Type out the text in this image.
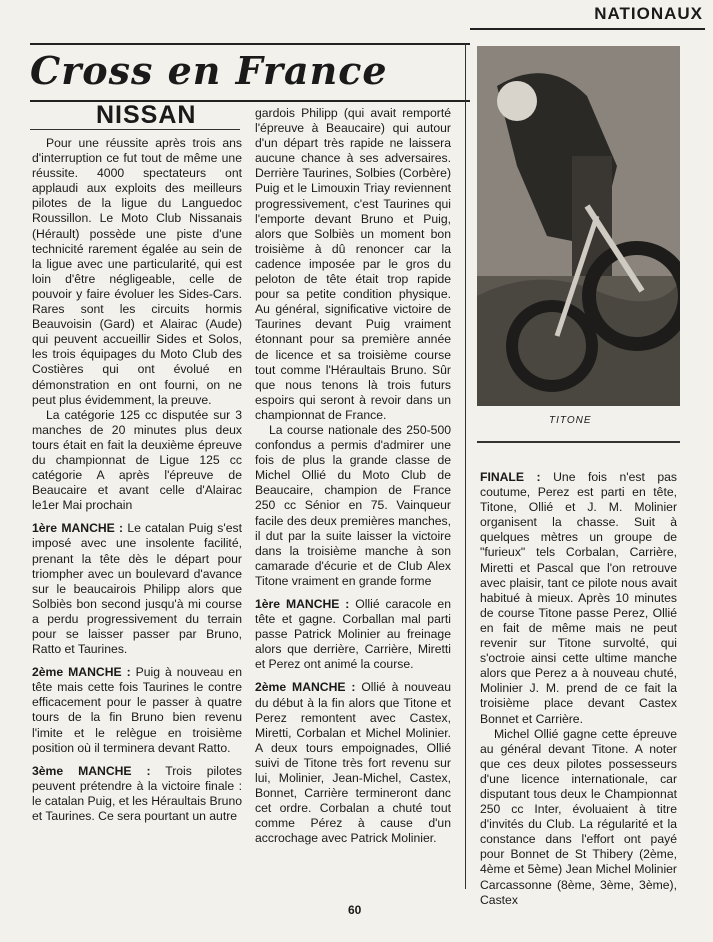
NATIONAUX
Cross en France
NISSAN

Pour une réussite après trois ans d'interruption ce fut tout de même une réussite. 4000 spectateurs ont applaudi aux exploits des meilleurs pilotes de la ligue du Languedoc Roussillon. Le Moto Club Nissanais (Hérault) possède une piste d'une technicité rarement égalée au sein de la ligue avec une particularité, qui est loin d'être négligeable, celle de pouvoir y faire évoluer les Sides-Cars. Rares sont les circuits hormis Beauvoisin (Gard) et Alairac (Aude) qui peuvent accueillir Sides et Solos, les trois équipages du Moto Club des Costières qui ont évolué en démonstration en ont fourni, on ne peut plus évidemment, la preuve.

La catégorie 125 cc disputée sur 3 manches de 20 minutes plus deux tours était en fait la deuxième épreuve du championnat de Ligue 125 cc catégorie A après l'épreuve de Beaucaire et avant celle d'Alairac le1er Mai prochain

1ère MANCHE : Le catalan Puig s'est imposé avec une insolente facilité, prenant la tête dès le départ pour triompher avec un boulevard d'avance sur le beaucairois Philipp alors que Solbiès bon second jusqu'à mi course a perdu progressivement du terrain pour se laisser passer par Bruno, Ratto et Taurines.

2ème MANCHE : Puig à nouveau en tête mais cette fois Taurines le contre efficacement pour le passer à quatre tours de la fin Bruno bien revenu l'imite et le relègue en troisième position où il terminera devant Ratto.

3ème MANCHE : Trois pilotes peuvent prétendre à la victoire finale : le catalan Puig, et les Héraultais Bruno et Taurines. Ce sera pourtant un autre

gardois Philipp (qui avait remporté l'épreuve à Beaucaire) qui autour d'un départ très rapide ne laissera aucune chance à ses adversaires. Derrière Taurines, Solbies (Corbère) Puig et le Limouxin Triay reviennent progressivement, c'est Taurines qui l'emporte devant Bruno et Puig, alors que Solbiès un moment bon troisième à dû renoncer car la cadence imposée par le gros du peloton de tête était trop rapide pour sa petite condition physique. Au général, significative victoire de Taurines devant Puig vraiment étonnant pour sa première année de licence et sa troisième course tout comme l'Héraultais Bruno. Sûr que nous tenons là trois futurs espoirs qui seront à revoir dans un championnat de France.

La course nationale des 250-500 confondus a permis d'admirer une fois de plus la grande classe de Michel Ollié du Moto Club de Beaucaire, champion de France 250 cc Sénior en 75. Vainqueur facile des deux premières manches, il dut par la suite laisser la victoire dans la troisième manche à son camarade d'écurie et de Club Alex Titone vraiment en grande forme

1ère MANCHE : Ollié caracole en tête et gagne. Corballan mal parti passe Patrick Molinier au freinage alors que derrière, Carrière, Miretti et Perez ont animé la course.

2ème MANCHE : Ollié à nouveau du début à la fin alors que Titone et Perez remontent avec Castex, Miretti, Corbalan et Michel Molinier. A deux tours empoignades, Ollié suivi de Titone très fort revenu sur lui, Molinier, Jean-Michel, Castex, Bonnet, Carrière termineront danc cet ordre. Corbalan a chuté tout comme Pérez à cause d'un accrochage avec Patrick Molinier.

TITONE

FINALE : Une fois n'est pas coutume, Perez est parti en tête, Titone, Ollié et J. M. Molinier organisent la chasse. Suit à quelques mètres un groupe de "furieux" tels Corbalan, Carrière, Miretti et Pascal que l'on retrouve avec plaisir, tant ce pilote nous avait habitué à mieux. Après 10 minutes de course Titone passe Perez, Ollié en fait de même mais ne peut revenir sur Titone survolté, qui s'octroie ainsi cette ultime manche alors que Perez a à nouveau chuté, Molinier J. M. prend de ce fait la troisième place devant Castex Bonnet et Carrière.

Michel Ollié gagne cette épreuve au général devant Titone. A noter que ces deux pilotes possesseurs d'une licence internationale, car disputant tous deux le Championnat 250 cc Inter, évoluaient à titre d'invités du Club. La régularité et la constance dans l'effort ont payé pour Bonnet de St Thibery (2ème, 4ème et 5ème) Jean Michel Molinier Carcassonne (8ème, 3ème, 3ème), Castex

60
